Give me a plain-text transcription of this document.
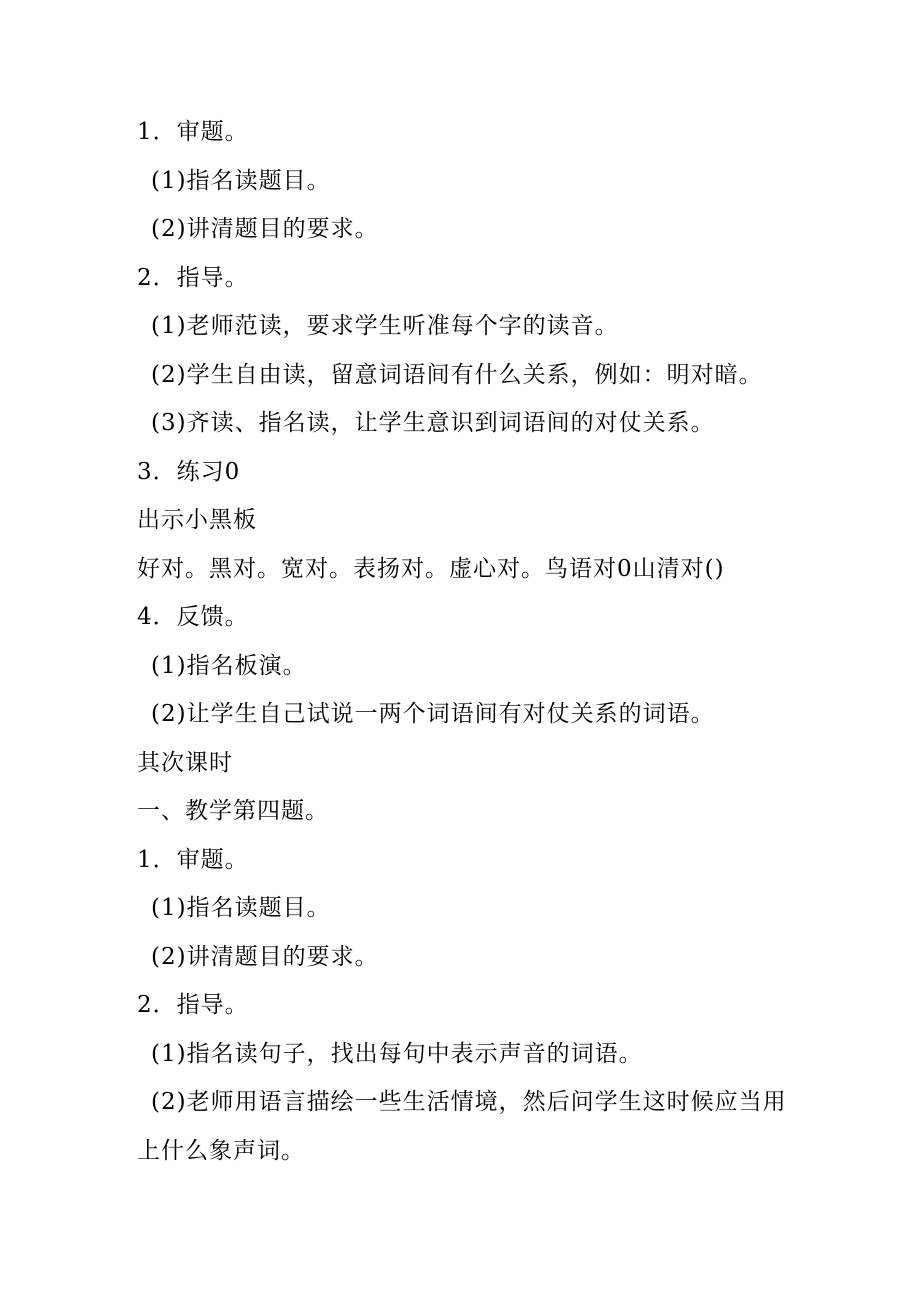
1．审题。
(1)指名读题目。
(2)讲清题目的要求。
2．指导。
(1)老师范读，要求学生听准每个字的读音。
(2)学生自由读，留意词语间有什么关系，例如：明对暗。
(3)齐读、指名读，让学生意识到词语间的对仗关系。
3．练习0
出示小黑板
好对。黑对。宽对。表扬对。虚心对。鸟语对0山清对()
4．反馈。
(1)指名板演。
(2)让学生自己试说一两个词语间有对仗关系的词语。
其次课时
一、教学第四题。
1．审题。
(1)指名读题目。
(2)讲清题目的要求。
2．指导。
(1)指名读句子，找出每句中表示声音的词语。
(2)老师用语言描绘一些生活情境，然后问学生这时候应当用上什么象声词。
